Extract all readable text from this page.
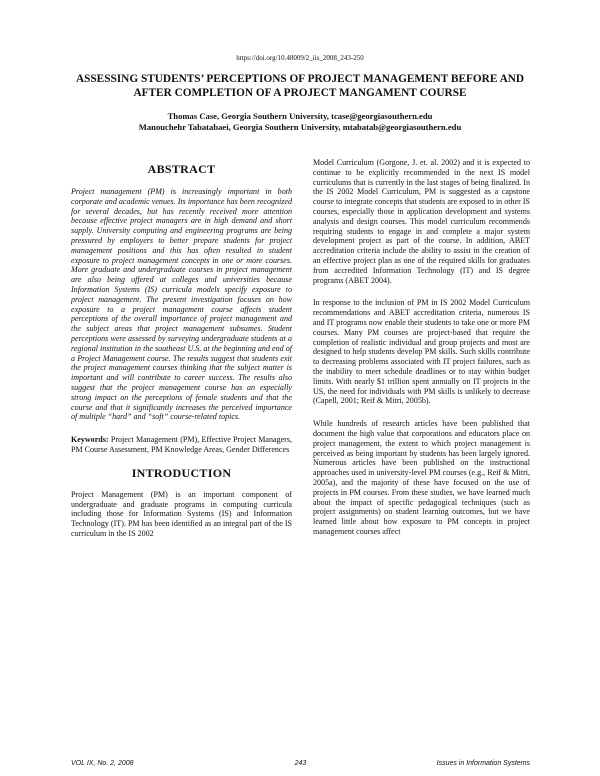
https://doi.org/10.48009/2_iis_2008_243-250
ASSESSING STUDENTS’ PERCEPTIONS OF PROJECT MANAGEMENT BEFORE AND AFTER COMPLETION OF A PROJECT MANGAMENT COURSE
Thomas Case, Georgia Southern University, tcase@georgiasouthern.edu
Manouchehr Tabatabaei, Georgia Southern University, mtabatab@georgiasouthern.edu
ABSTRACT

Project management (PM) is increasingly important in both corporate and academic venues. Its importance has been recognized for several decades, but has recently received more attention because effective project managers are in high demand and short supply. University computing and engineering programs are being pressured by employers to better prepare students for project management positions and this has often resulted in student exposure to project management concepts in one or more courses. More graduate and undergraduate courses in project management are also being offered at colleges and universities because Information Systems (IS) curricula models specify exposure to project management. The present investigation focuses on how exposure to a project management course affects student perceptions of the overall importance of project management and the subject areas that project management subsumes. Student perceptions were assessed by surveying undergraduate students at a regional institution in the southeast U.S. at the beginning and end of a Project Management course. The results suggest that students exit the project management courses thinking that the subject matter is important and will contribute to career success. The results also suggest that the project management course has an especially strong impact on the perceptions of female students and that the course and that it significantly increases the perceived importance of multiple “hard” and “soft” course-related topics.

Keywords: Project Management (PM), Effective Project Managers, PM Course Assessment, PM Knowledge Areas, Gender Differences

INTRODUCTION

Project Management (PM) is an important component of undergraduate and graduate programs in computing curricula including those for Information Systems (IS) and Information Technology (IT). PM has been identified as an integral part of the IS curriculum in the IS 2002

Model Curriculum (Gorgone, J. et. al. 2002) and it is expected to continue to be explicitly recommended in the next IS model curriculums that is currently in the last stages of being finalized. In the IS 2002 Model Curriculum, PM is suggested as a capstone course to integrate concepts that students are exposed to in other IS courses, especially those in application development and systems analysis and design courses. This model curriculum recommends requiring students to engage in and complete a major system development project as part of the course. In addition, ABET accreditation criteria include the ability to assist in the creation of an effective project plan as one of the required skills for graduates from accredited Information Technology (IT) and IS degree programs (ABET 2004).

In response to the inclusion of PM in IS 2002 Model Curriculum recommendations and ABET accreditation criteria, numerous IS and IT programs now enable their students to take one or more PM courses. Many PM courses are project-based that require the completion of realistic individual and group projects and most are designed to help students develop PM skills. Such skills contribute to decreasing problems associated with IT project failures, such as the inability to meet schedule deadlines or to stay within budget limits. With nearly $1 trillion spent annually on IT projects in the US, the need for individuals with PM skills is unlikely to decrease (Capell, 2001; Reif & Mitri, 2005b).

While hundreds of research articles have been published that document the high value that corporations and educators place on project management, the extent to which project management is perceived as being important by students has been largely ignored. Numerous articles have been published on the instructional approaches used in university-level PM courses (e.g., Reif & Mitri, 2005a), and the majority of these have focused on the use of projects in PM courses. From these studies, we have learned much about the impact of specific pedagogical techniques (such as project assignments) on student learning outcomes, but we have learned little about how exposure to PM concepts in project management courses affect

VOL IX, No. 2, 2008	243	Issues in Information Systems
